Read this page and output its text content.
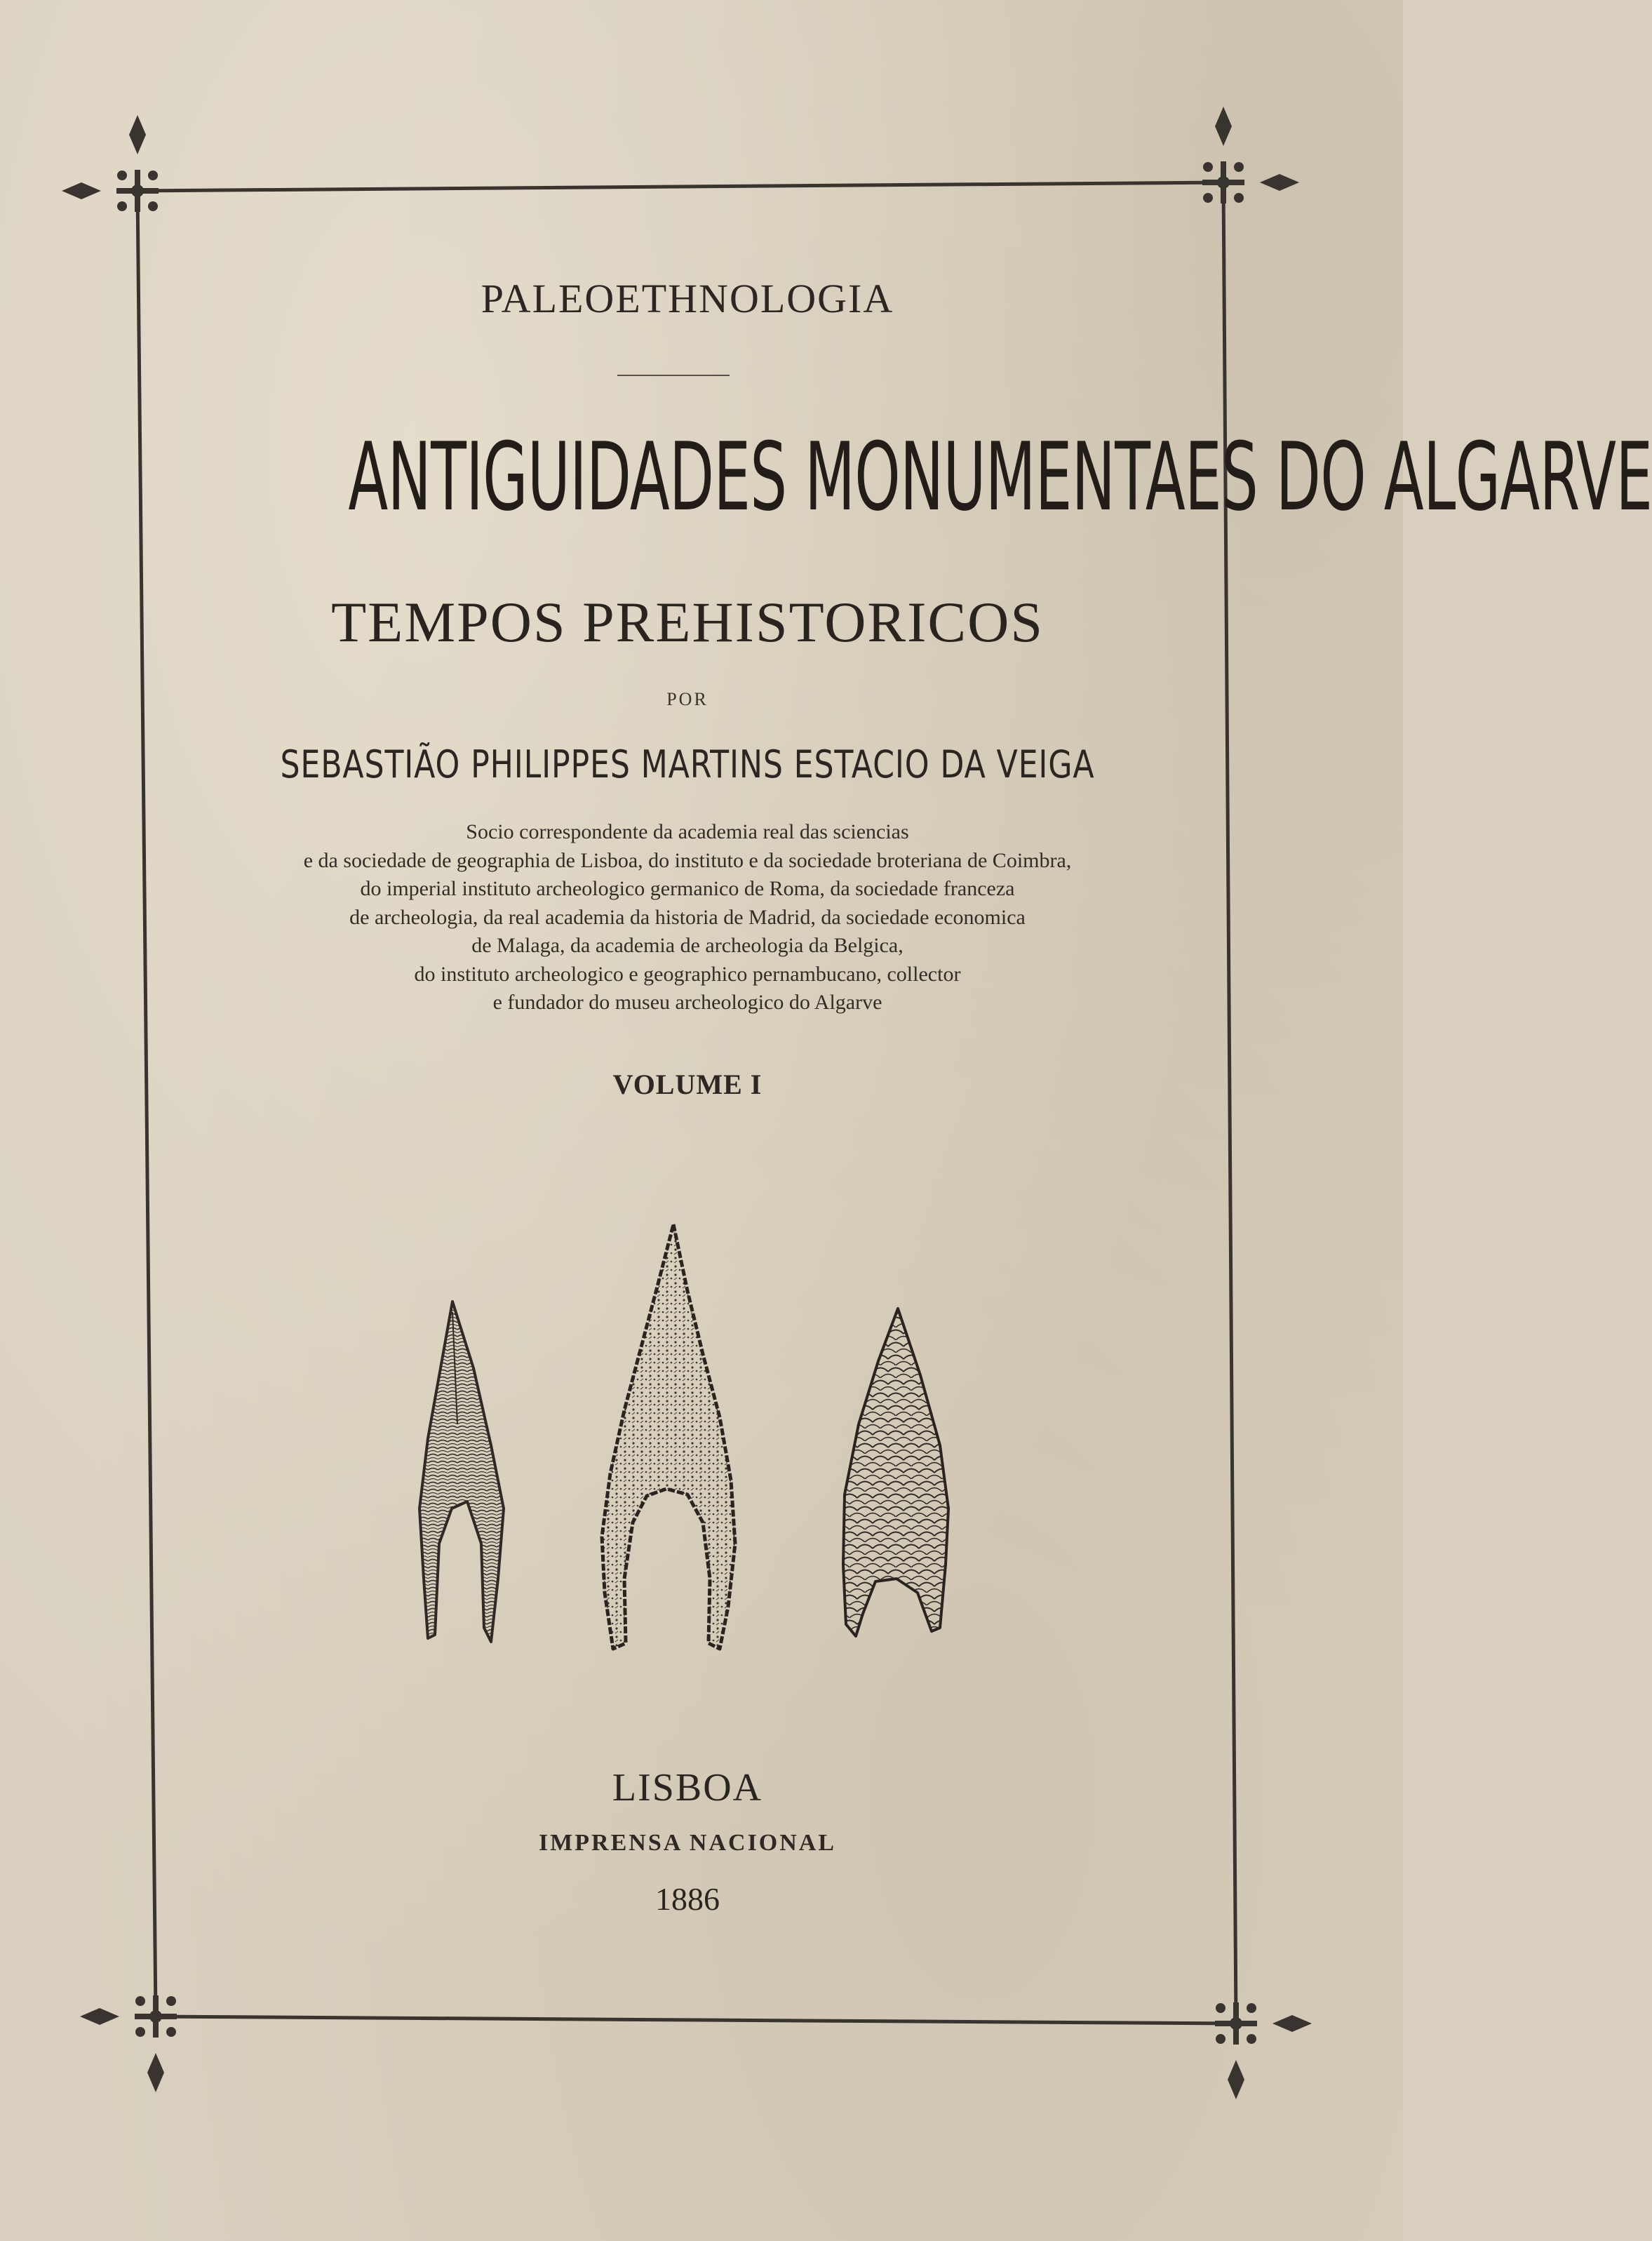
PALEOETHNOLOGIA
ANTIGUIDADES MONUMENTAES DO ALGARVE
TEMPOS PREHISTORICOS
POR
SEBASTIÃO PHILIPPES MARTINS ESTACIO DA VEIGA
Socio correspondente da academia real das sciencias
e da sociedade de geographia de Lisboa, do instituto e da sociedade broteriana de Coimbra,
do imperial instituto archeologico germanico de Roma, da sociedade franceza
de archeologia, da real academia da historia de Madrid, da sociedade economica
de Malaga, da academia de archeologia da Belgica,
do instituto archeologico e geographico pernambucano, collector
e fundador do museu archeologico do Algarve
VOLUME I
LISBOA
IMPRENSA NACIONAL
1886
